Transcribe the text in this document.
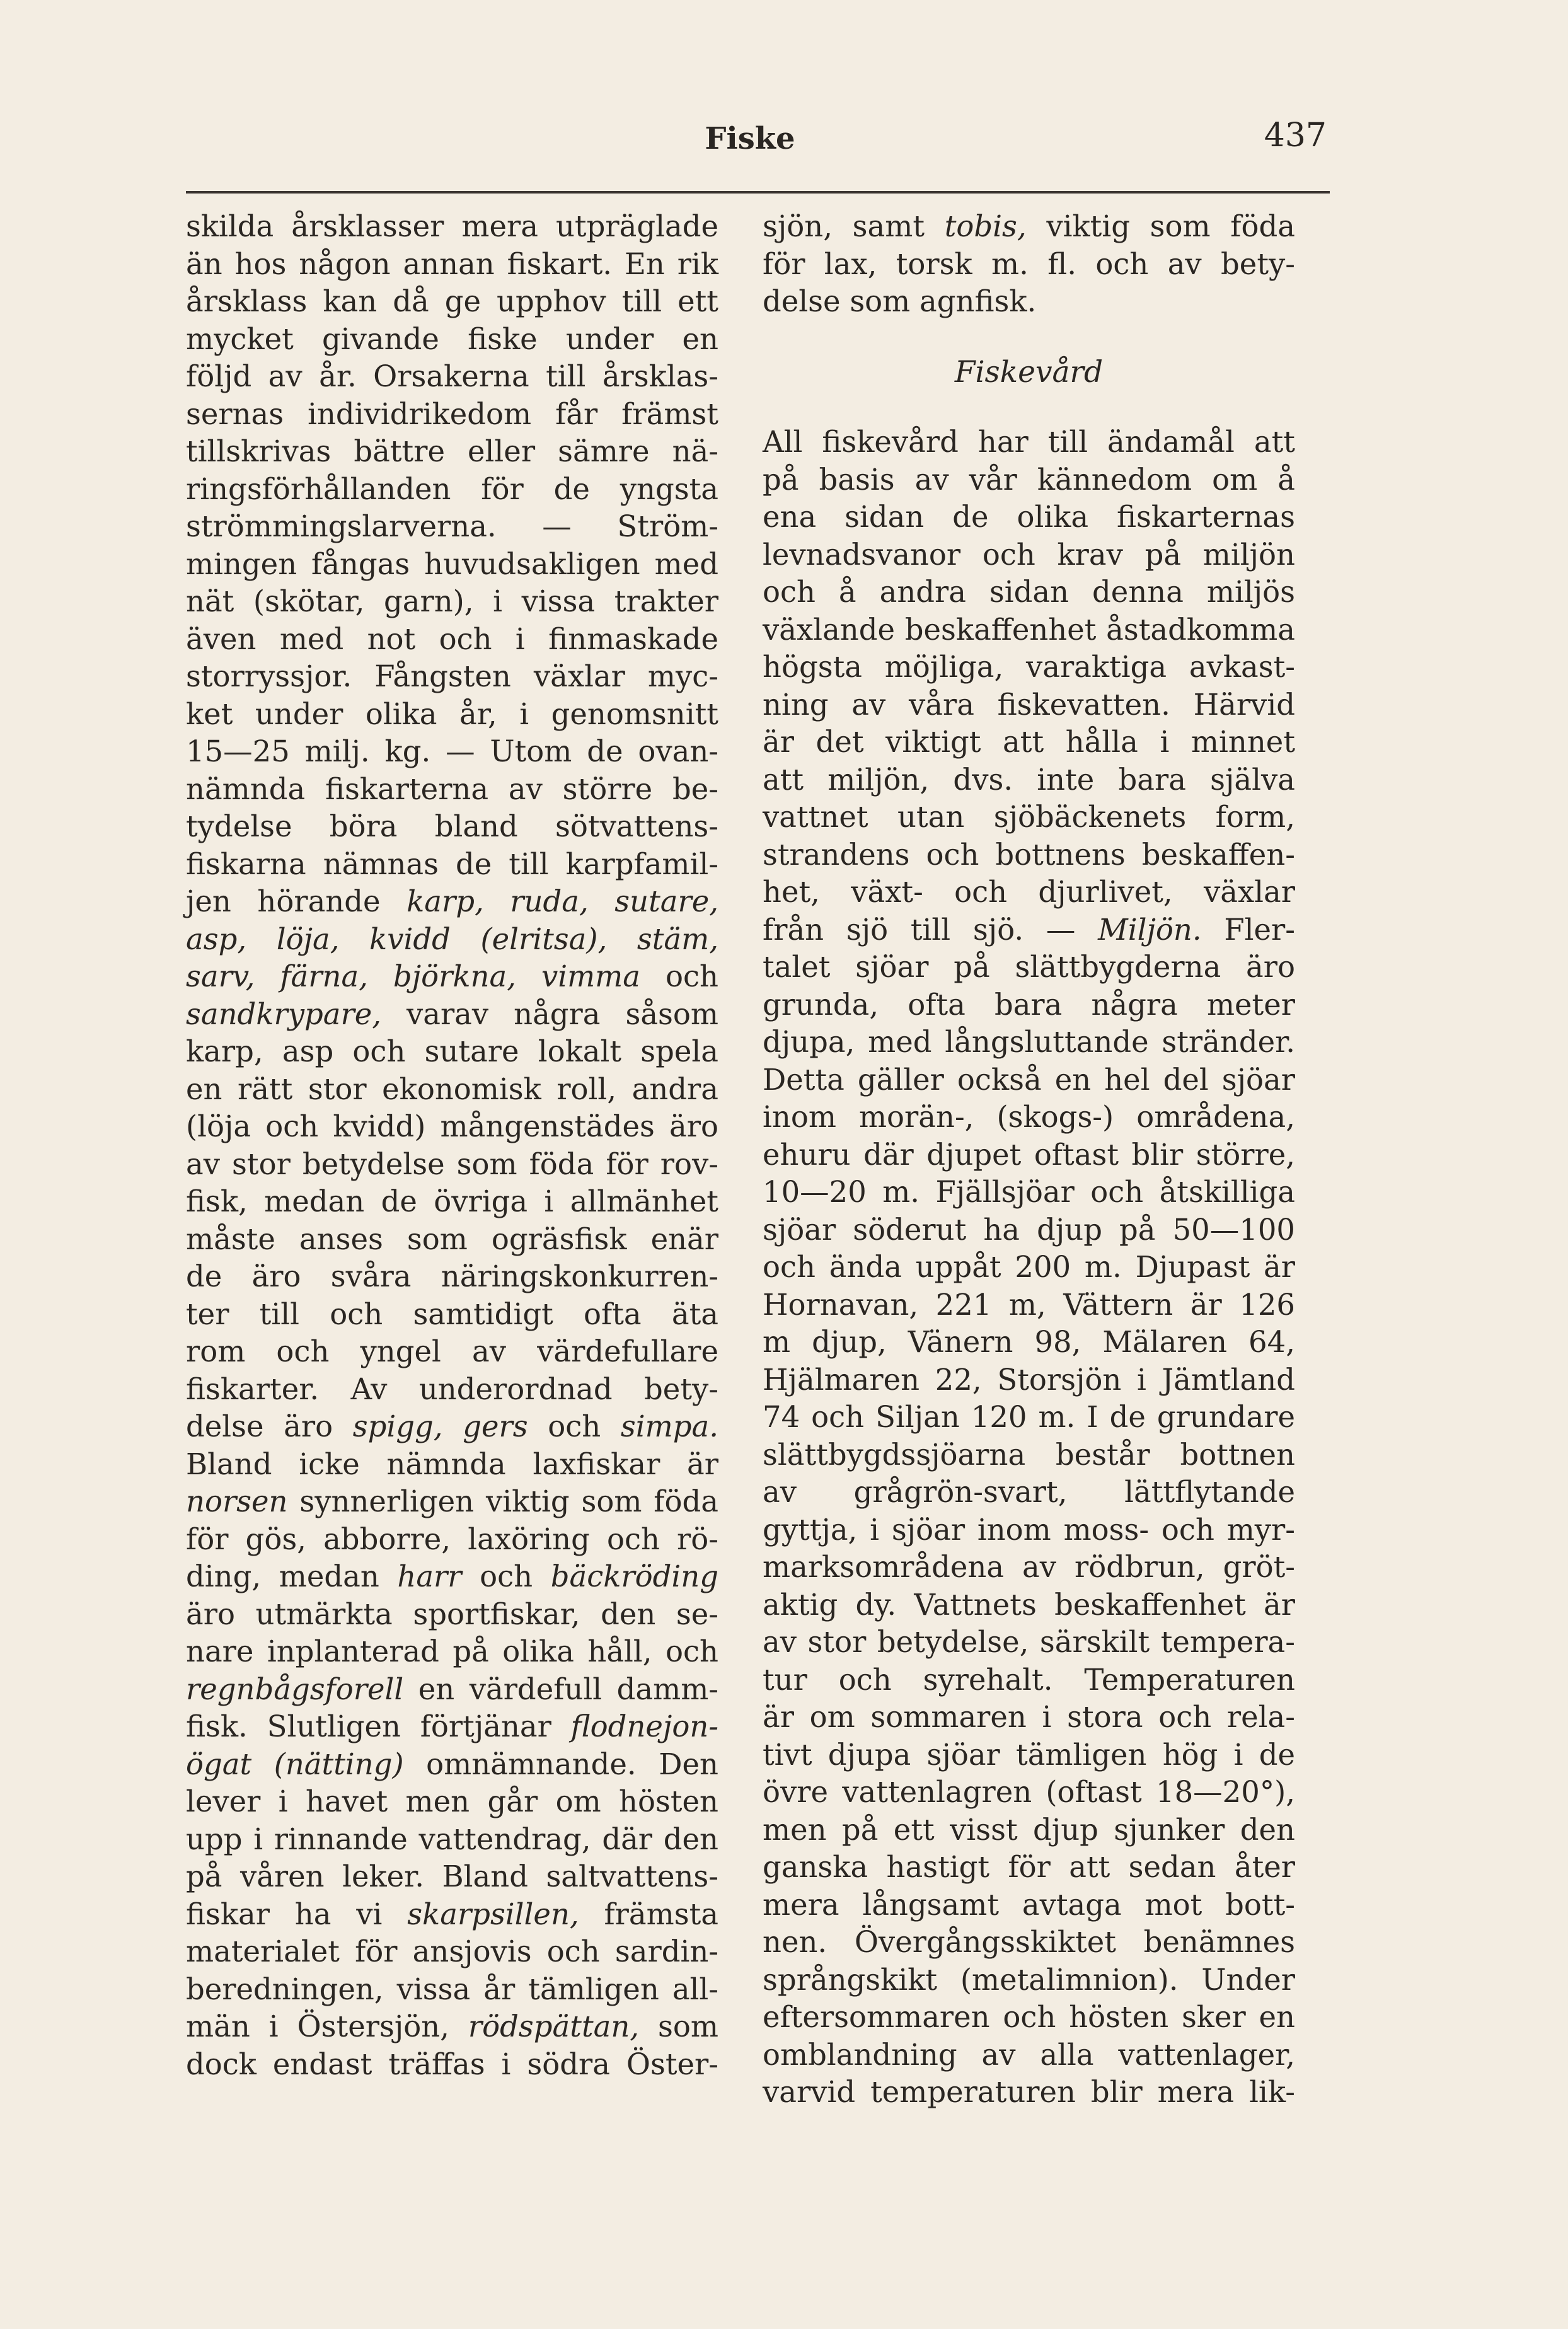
Fiske	437
skilda årsklasser mera utpräglade
än hos någon annan fiskart. En rik
årsklass kan då ge upphov till ett
mycket givande fiske under en
följd av år. Orsakerna till årsklas-
sernas individrikedom får främst
tillskrivas bättre eller sämre nä-
ringsförhållanden för de yngsta
strömmingslarverna. — Ström-
mingen fångas huvudsakligen med
nät (skötar, garn), i vissa trakter
även med not och i finmaskade
storryssjor. Fångsten växlar myc-
ket under olika år, i genomsnitt
15—25 milj. kg. — Utom de ovan-
nämnda fiskarterna av större be-
tydelse böra bland sötvattens-
fiskarna nämnas de till karpfamil-
jen hörande karp, ruda, sutare,
asp, löja, kvidd (elritsa), stäm,
sarv, färna, björkna, vimma och
sandkrypare, varav några såsom
karp, asp och sutare lokalt spela
en rätt stor ekonomisk roll, andra
(löja och kvidd) mångenstädes äro
av stor betydelse som föda för rov-
fisk, medan de övriga i allmänhet
måste anses som ogräsfisk enär
de äro svåra näringskonkurren-
ter till och samtidigt ofta äta
rom och yngel av värdefullare
fiskarter. Av underordnad bety-
delse äro spigg, gers och simpa.
Bland icke nämnda laxfiskar är
norsen synnerligen viktig som föda
för gös, abborre, laxöring och rö-
ding, medan harr och bäckröding
äro utmärkta sportfiskar, den se-
nare inplanterad på olika håll, och
regnbågsforell en värdefull damm-
fisk. Slutligen förtjänar flodnejon-
ögat (nätting) omnämnande. Den
lever i havet men går om hösten
upp i rinnande vattendrag, där den
på våren leker. Bland saltvattens-
fiskar ha vi skarpsillen, främsta
materialet för ansjovis och sardin-
beredningen, vissa år tämligen all-
män i Östersjön, rödspättan, som
dock endast träffas i södra Öster-
sjön, samt tobis, viktig som föda
för lax, torsk m. fl. och av bety-
delse som agnfisk.
Fiskevård
All fiskevård har till ändamål att
på basis av vår kännedom om å
ena sidan de olika fiskarternas
levnadsvanor och krav på miljön
och å andra sidan denna miljös
växlande beskaffenhet åstadkomma
högsta möjliga, varaktiga avkast-
ning av våra fiskevatten. Härvid
är det viktigt att hålla i minnet
att miljön, dvs. inte bara själva
vattnet utan sjöbäckenets form,
strandens och bottnens beskaffen-
het, växt- och djurlivet, växlar
från sjö till sjö. — Miljön. Fler-
talet sjöar på slättbygderna äro
grunda, ofta bara några meter
djupa, med långsluttande stränder.
Detta gäller också en hel del sjöar
inom morän-, (skogs-) områdena,
ehuru där djupet oftast blir större,
10—20 m. Fjällsjöar och åtskilliga
sjöar söderut ha djup på 50—100
och ända uppåt 200 m. Djupast är
Hornavan, 221 m, Vättern är 126
m djup, Vänern 98, Mälaren 64,
Hjälmaren 22, Storsjön i Jämtland
74 och Siljan 120 m. I de grundare
slättbygdssjöarna består bottnen
av grågrön-svart, lättflytande
gyttja, i sjöar inom moss- och myr-
marksområdena av rödbrun, gröt-
aktig dy. Vattnets beskaffenhet är
av stor betydelse, särskilt tempera-
tur och syrehalt. Temperaturen
är om sommaren i stora och rela-
tivt djupa sjöar tämligen hög i de
övre vattenlagren (oftast 18—20°),
men på ett visst djup sjunker den
ganska hastigt för att sedan åter
mera långsamt avtaga mot bott-
nen. Övergångsskiktet benämnes
språngskikt (metalimnion). Under
eftersommaren och hösten sker en
omblandning av alla vattenlager,
varvid temperaturen blir mera lik-
